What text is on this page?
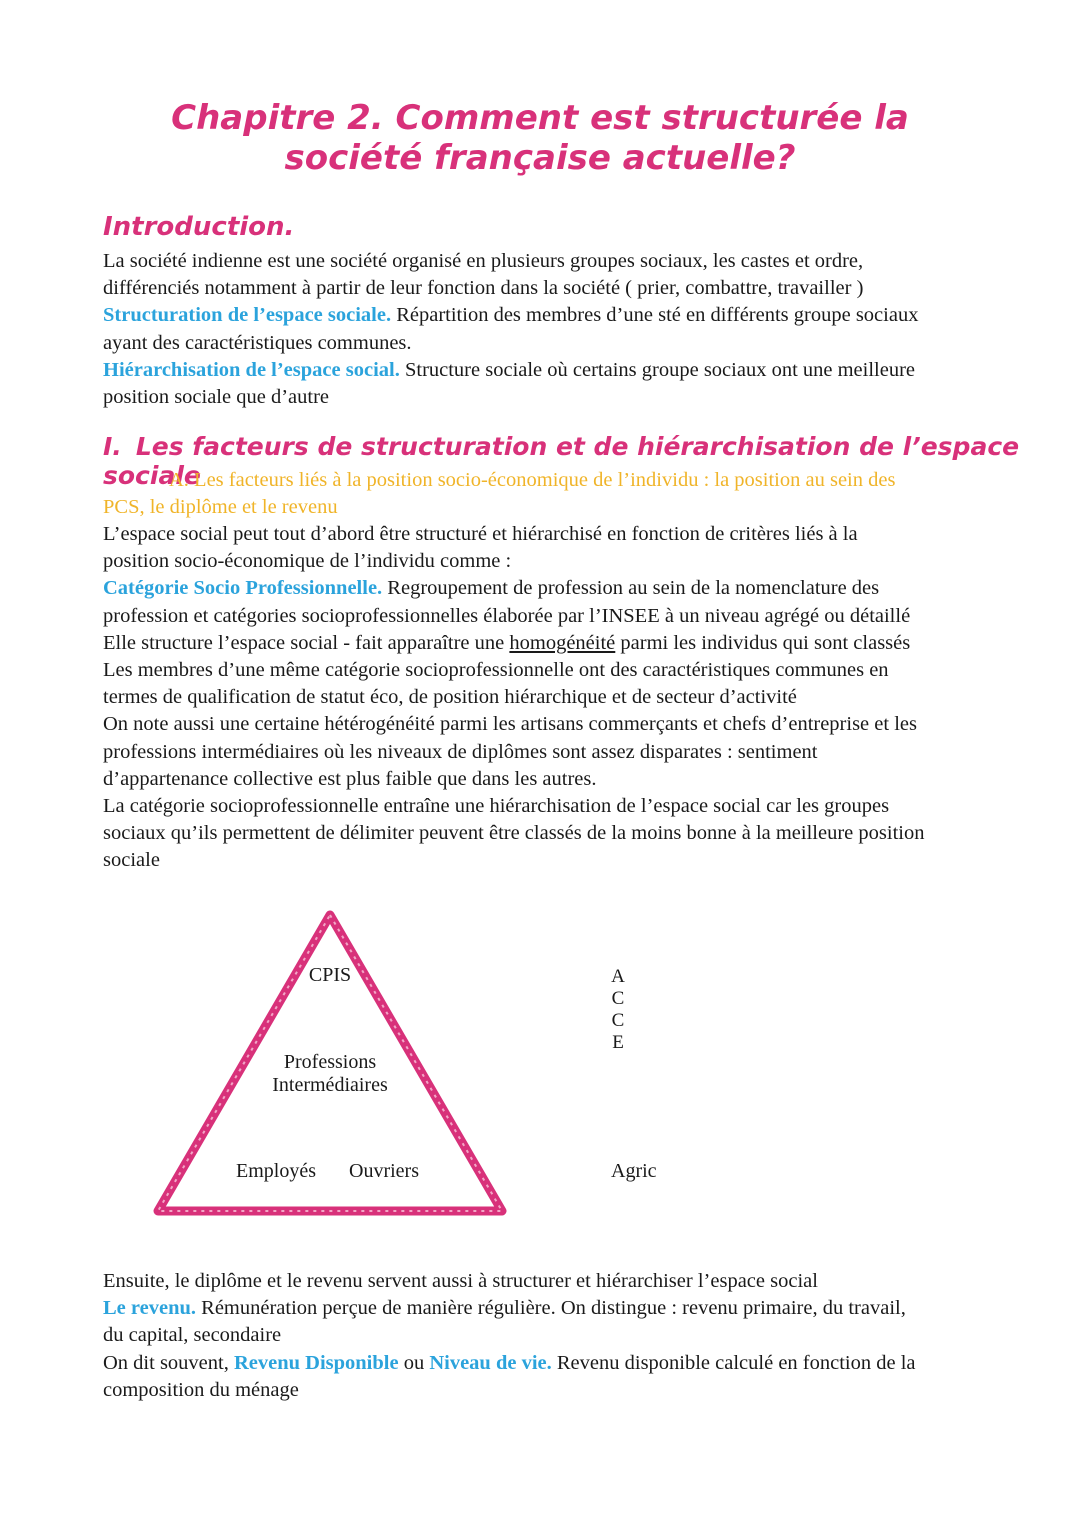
Chapitre 2. Comment est structurée la société française actuelle?
Introduction.
La société indienne est une société organisé en plusieurs groupes sociaux, les castes et ordre,
différenciés notamment à partir de leur fonction dans la société ( prier, combattre, travailler )
Structuration de l’espace sociale. Répartition des membres d’une sté en différents groupe sociaux
ayant des caractéristiques communes.
Hiérarchisation de l’espace social. Structure sociale où certains groupe sociaux ont une meilleure
position sociale que d’autre
I. Les facteurs de structuration et de hiérarchisation de l’espace sociale
A. Les facteurs liés à la position socio-économique de l’individu : la position au sein des
PCS, le diplôme et le revenu
L’espace social peut tout d’abord être structuré et hiérarchisé en fonction de critères liés à la
position socio-économique de l’individu comme :
Catégorie Socio Professionnelle. Regroupement de profession au sein de la nomenclature des
profession et catégories socioprofessionnelles élaborée par l’INSEE à un niveau agrégé ou détaillé
Elle structure l’espace social - fait apparaître une homogénéité parmi les individus qui sont classés
Les membres d’une même catégorie socioprofessionnelle ont des caractéristiques communes en
termes de qualification de statut éco, de position hiérarchique et de secteur d’activité
On note aussi une certaine hétérogénéité parmi les artisans commerçants et chefs d’entreprise et les
professions intermédiaires où les niveaux de diplômes sont assez disparates : sentiment
d’appartenance collective est plus faible que dans les autres.
La catégorie socioprofessionnelle entraîne une hiérarchisation de l’espace social car les groupes
sociaux qu’ils permettent de délimiter peuvent être classés de la moins bonne à la meilleure position
sociale
CPIS
Professions
Intermédiaires
Employés Ouvriers
A
C
C
E
Agric
Ensuite, le diplôme et le revenu servent aussi à structurer et hiérarchiser l’espace social
Le revenu. Rémunération perçue de manière régulière. On distingue : revenu primaire, du travail,
du capital, secondaire
On dit souvent, Revenu Disponible ou Niveau de vie. Revenu disponible calculé en fonction de la
composition du ménage
